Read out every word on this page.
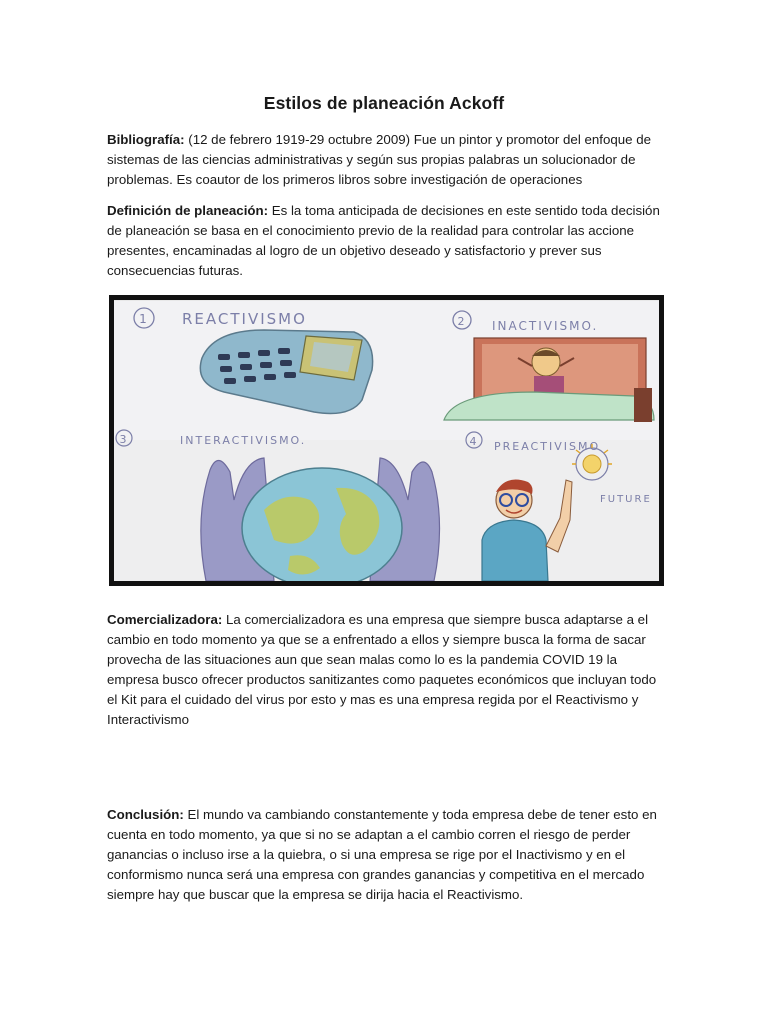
Estilos de planeación Ackoff

Bibliografía: (12 de febrero 1919-29 octubre 2009) Fue un pintor y promotor del enfoque de sistemas de las ciencias administrativas y según sus propias palabras un solucionador de problemas. Es coautor de los primeros libros sobre investigación de operaciones

Definición de planeación: Es la toma anticipada de decisiones en este sentido toda decisión de planeación se basa en el conocimiento previo de la realidad para controlar las accione presentes, encaminadas al logro de un objetivo deseado y satisfactorio y prever sus consecuencias futuras.

1 REACTIVISMO	2 INACTIVISMO.
3	INTERACTIVISMO.	4 PREACTIVISMO
FUTURE

Comercializadora: La comercializadora es una empresa que siempre busca adaptarse a el cambio en todo momento ya que se a enfrentado a ellos y siempre busca la forma de sacar provecha de las situaciones aun que sean malas como lo es la pandemia COVID 19 la empresa busco ofrecer productos sanitizantes como paquetes económicos que incluyan todo el Kit para el cuidado del virus por esto y mas es una empresa regida por el Reactivismo y Interactivismo

Conclusión: El mundo va cambiando constantemente y toda empresa debe de tener esto en cuenta en todo momento, ya que si no se adaptan a el cambio corren el riesgo de perder ganancias o incluso irse a la quiebra, o si una empresa se rige por el Inactivismo y en el conformismo nunca será una empresa con grandes ganancias y competitiva en el mercado siempre hay que buscar que la empresa se dirija hacia el Reactivismo.
